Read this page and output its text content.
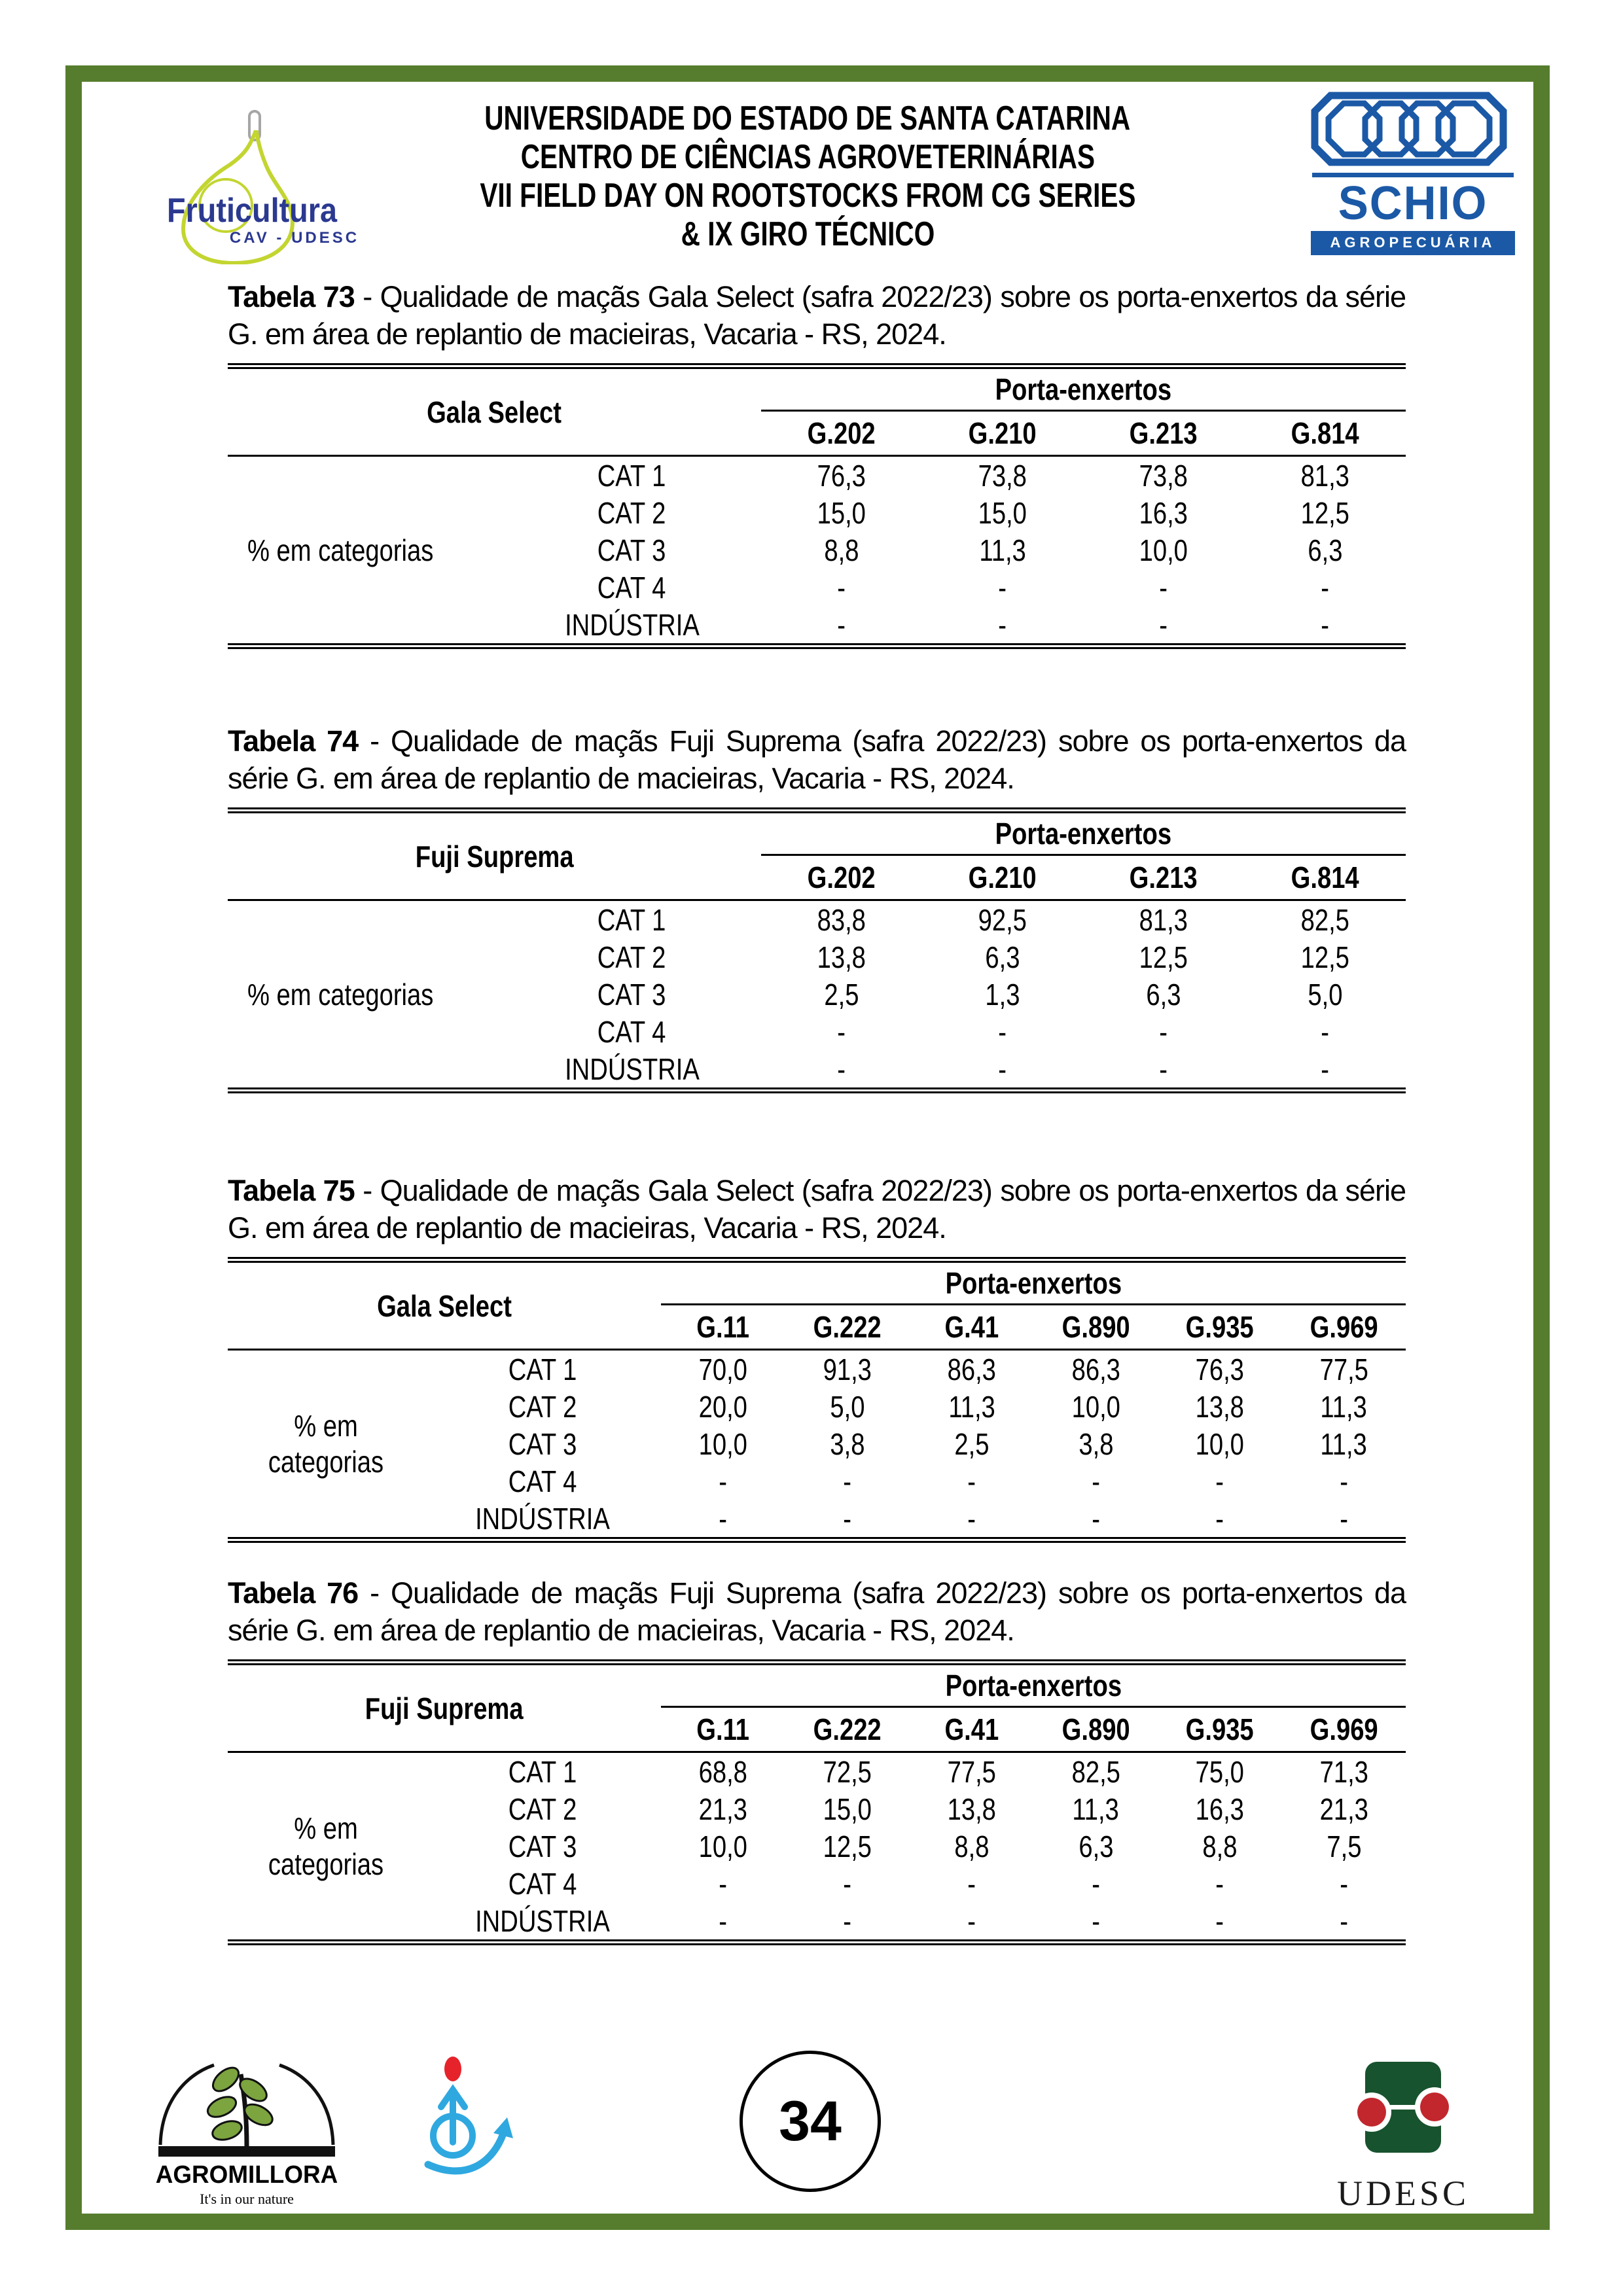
Fruticultura
CAV - UDESC
UNIVERSIDADE DO ESTADO DE SANTA CATARINA
CENTRO DE CIÊNCIAS AGROVETERINÁRIAS
VII FIELD DAY ON ROOTSTOCKS FROM CG SERIES
& IX GIRO TÉCNICO
SCHIO
AGROPECUÁRIA

Tabela 73 - Qualidade de maçãs Gala Select (safra 2022/23) sobre os porta-enxertos da série G. em área de replantio de macieiras, Vacaria - RS, 2024.

Gala Select		Porta-enxertos			
		G.202	G.210	G.213	G.814
% em categorias	CAT 1	76,3	73,8	73,8	81,3
	CAT 2	15,0	15,0	16,3	12,5
	CAT 3	8,8	11,3	10,0	6,3
	CAT 4	-	-	-	-
	INDÚSTRIA	-	-	-	-

Tabela 74 - Qualidade de maçãs Fuji Suprema (safra 2022/23) sobre os porta-enxertos da série G. em área de replantio de macieiras, Vacaria - RS, 2024.

Fuji Suprema		Porta-enxertos			
		G.202	G.210	G.213	G.814
% em categorias	CAT 1	83,8	92,5	81,3	82,5
	CAT 2	13,8	6,3	12,5	12,5
	CAT 3	2,5	1,3	6,3	5,0
	CAT 4	-	-	-	-
	INDÚSTRIA	-	-	-	-

Tabela 75 - Qualidade de maçãs Gala Select (safra 2022/23) sobre os porta-enxertos da série G. em área de replantio de macieiras, Vacaria - RS, 2024.

Gala Select		Porta-enxertos					
		G.11	G.222	G.41	G.890	G.935	G.969
% em categorias	CAT 1	70,0	91,3	86,3	86,3	76,3	77,5
	CAT 2	20,0	5,0	11,3	10,0	13,8	11,3
	CAT 3	10,0	3,8	2,5	3,8	10,0	11,3
	CAT 4	-	-	-	-	-	-
	INDÚSTRIA	-	-	-	-	-	-

Tabela 76 - Qualidade de maçãs Fuji Suprema (safra 2022/23) sobre os porta-enxertos da série G. em área de replantio de macieiras, Vacaria - RS, 2024.

Fuji Suprema		Porta-enxertos					
		G.11	G.222	G.41	G.890	G.935	G.969
% em categorias	CAT 1	68,8	72,5	77,5	82,5	75,0	71,3
	CAT 2	21,3	15,0	13,8	11,3	16,3	21,3
	CAT 3	10,0	12,5	8,8	6,3	8,8	7,5
	CAT 4	-	-	-	-	-	-
	INDÚSTRIA	-	-	-	-	-	-
AGROMILLORA
It's in our nature
34
UDESC
